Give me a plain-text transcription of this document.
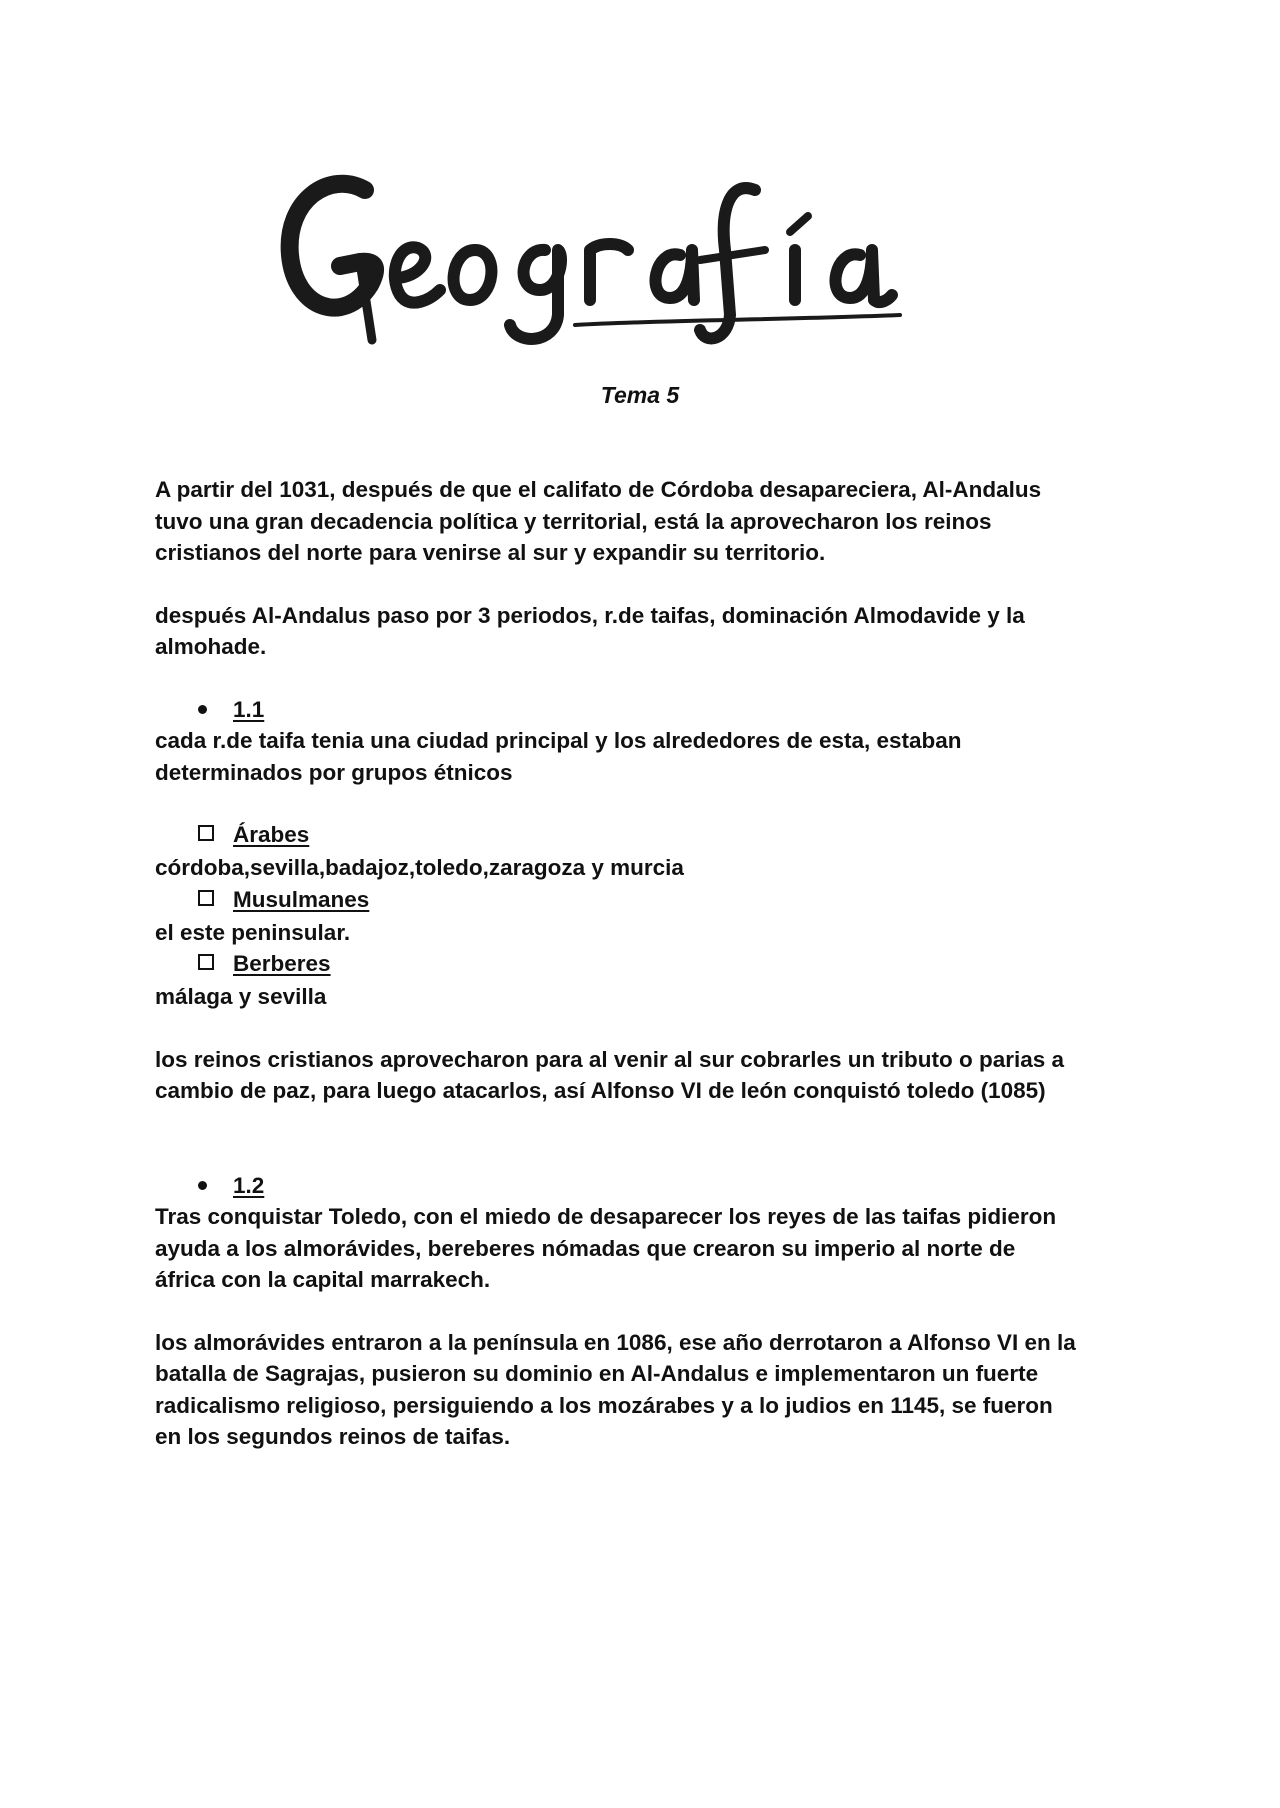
Tema 5

A partir del 1031, después de que el califato de Córdoba desapareciera, Al-Andalus

tuvo una gran decadencia política y territorial, está la aprovecharon los reinos

cristianos del norte para venirse al sur y expandir su territorio.

después Al-Andalus paso por 3 periodos, r.de taifas, dominación Almodavide y la

almohade.

1.1

cada r.de taifa tenia una ciudad principal y los alrededores de esta, estaban

determinados por grupos étnicos

Árabes

córdoba,sevilla,badajoz,toledo,zaragoza y murcia

Musulmanes

el este peninsular.

Berberes

málaga y sevilla

los reinos cristianos aprovecharon para al venir al sur cobrarles un tributo o parias a

cambio de paz, para luego atacarlos, así Alfonso VI de león conquistó toledo (1085)

1.2

Tras conquistar Toledo, con el miedo de desaparecer los reyes de las taifas pidieron

ayuda a los almorávides, bereberes nómadas que crearon su imperio al norte de

áfrica con la capital marrakech.

los almorávides entraron a la península en 1086, ese año derrotaron a Alfonso VI en la

batalla de Sagrajas, pusieron su dominio en Al-Andalus e implementaron un fuerte

radicalismo religioso, persiguiendo a los mozárabes y a lo judios en 1145, se fueron

en los segundos reinos de taifas.
